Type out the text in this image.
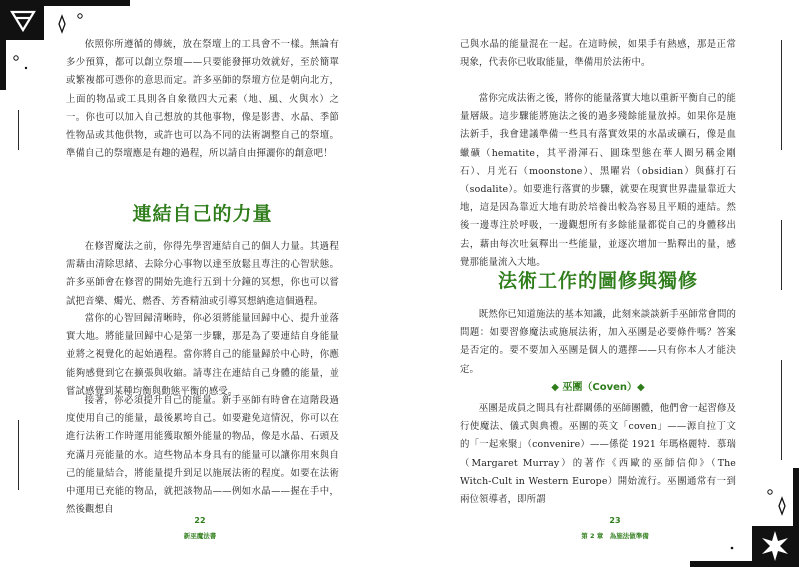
依照你所遵循的傳統，放在祭壇上的工具會不一樣。無論有多少預算，都可以創立祭壇——只要能發揮功效就好，至於簡單或繁複都可憑你的意思而定。許多巫師的祭壇方位是朝向北方，上面的物品或工具則各自象徵四大元素（地、風、火與水）之一。你也可以加入自己想放的其他事物，像是影書、水晶、季節性物品或其他供物，或許也可以為不同的法術調整自己的祭壇。準備自己的祭壇應是有趣的過程，所以請自由揮灑你的創意吧！

連結自己的力量

在修習魔法之前，你得先學習連結自己的個人力量。其過程需藉由清除思緒、去除分心事物以達至放鬆且專注的心智狀態。許多巫師會在修習的開始先進行五到十分鐘的冥想，你也可以嘗試把音樂、燭光、燃香、芳香精油或引導冥想納進這個過程。

當你的心智回歸清晰時，你必須將能量回歸中心、提升並落實大地。將能量回歸中心是第一步驟，那是為了要連結自身能量並將之視覺化的起始過程。當你將自己的能量歸於中心時，你應能夠感覺到它在擴張與收縮。請專注在連結自己身體的能量，並嘗試感覺到某種均衡與動態平衡的感受。

接著，你必須提升自己的能量。新手巫師有時會在這階段過度使用自己的能量，最後累垮自己。如要避免這情況，你可以在進行法術工作時運用能獲取額外能量的物品，像是水晶、石頭及充滿月亮能量的水。這些物品本身具有的能量可以讓你用來與自己的能量結合，將能量提升到足以施展法術的程度。如要在法術中運用已充能的物品，就把該物品——例如水晶——握在手中，然後觀想自

22
新巫魔法書

己與水晶的能量混在一起。在這時候，如果手有熱感，那是正常現象，代表你已收取能量，準備用於法術中。

當你完成法術之後，將你的能量落實大地以重新平衡自己的能量層級。這步驟能將施法之後的過多殘餘能量放掉。如果你是施法新手，我會建議準備一些具有落實效果的水晶或礦石，像是血蠟礦（hematite，其平滑渾石、圓珠型態在華人圈另稱金剛石）、月光石（moonstone）、黑曜岩（obsidian）與蘇打石（sodalite）。如要進行落實的步驟，就要在現實世界盡量靠近大地，這是因為靠近大地有助於培養出較為容易且平順的連結。然後一邊專注於呼吸，一邊觀想所有多餘能量都從自己的身體移出去，藉由每次吐氣釋出一些能量，並逐次增加一點釋出的量，感覺那能量流入大地。

法術工作的圖修與獨修

既然你已知道施法的基本知識，此刻來談談新手巫師常會問的問題：如要習修魔法或施展法術，加入巫團是必要條件嗎？答案是否定的。要不要加入巫團是個人的選擇——只有你本人才能決定。

◆ 巫團（Coven）◆

巫團是成員之間具有社群關係的巫師團體，他們會一起習修及行使魔法、儀式與典禮。巫團的英文「coven」——源自拉丁文的「一起來聚」（convenire）——係從 1921 年瑪格麗特．慕瑞（Margaret Murray）的著作《西歐的巫師信仰》（The Witch-Cult in Western Europe）開始流行。巫團通常有一到兩位領導者，即所謂

23
第 2 章　為施法做準備
